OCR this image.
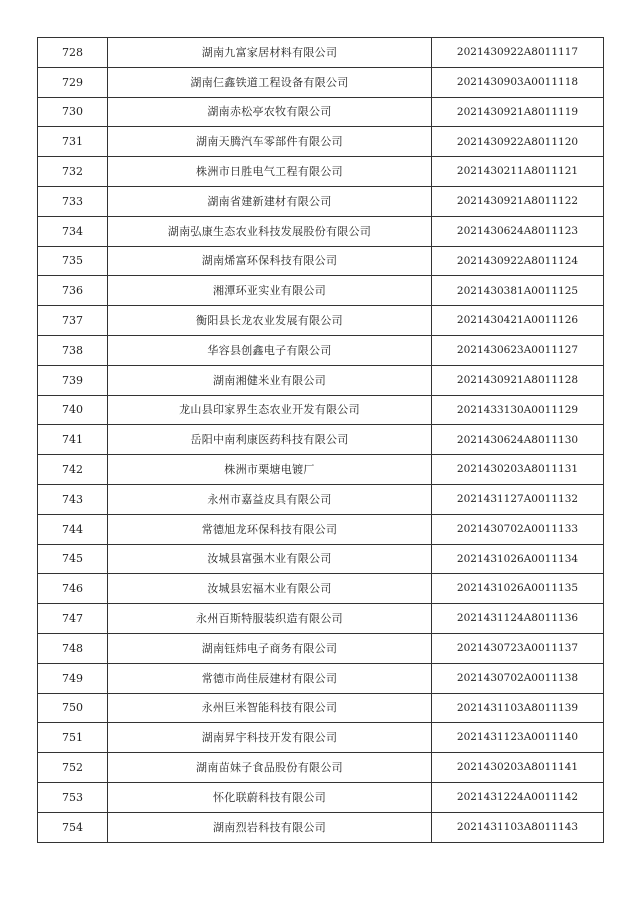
728	湖南九富家居材料有限公司	2021430922A8011117
729	湖南仨鑫铁道工程设备有限公司	2021430903A0011118
730	湖南赤松亭农牧有限公司	2021430921A8011119
731	湖南天腾汽车零部件有限公司	2021430922A8011120
732	株洲市日胜电气工程有限公司	2021430211A8011121
733	湖南省建新建材有限公司	2021430921A8011122
734	湖南弘康生态农业科技发展股份有限公司	2021430624A8011123
735	湖南烯富环保科技有限公司	2021430922A8011124
736	湘潭环亚实业有限公司	2021430381A0011125
737	衡阳县长龙农业发展有限公司	2021430421A0011126
738	华容县创鑫电子有限公司	2021430623A0011127
739	湖南湘健米业有限公司	2021430921A8011128
740	龙山县印家界生态农业开发有限公司	2021433130A0011129
741	岳阳中南利康医药科技有限公司	2021430624A8011130
742	株洲市栗塘电镀厂	2021430203A8011131
743	永州市嘉益皮具有限公司	2021431127A0011132
744	常德旭龙环保科技有限公司	2021430702A0011133
745	汝城县富强木业有限公司	2021431026A0011134
746	汝城县宏福木业有限公司	2021431026A0011135
747	永州百斯特服装织造有限公司	2021431124A8011136
748	湖南钰炜电子商务有限公司	2021430723A0011137
749	常德市尚佳辰建材有限公司	2021430702A0011138
750	永州巨米智能科技有限公司	2021431103A8011139
751	湖南昇宇科技开发有限公司	2021431123A0011140
752	湖南苗妹子食品股份有限公司	2021430203A8011141
753	怀化联蔚科技有限公司	2021431224A0011142
754	湖南烈岩科技有限公司	2021431103A8011143
